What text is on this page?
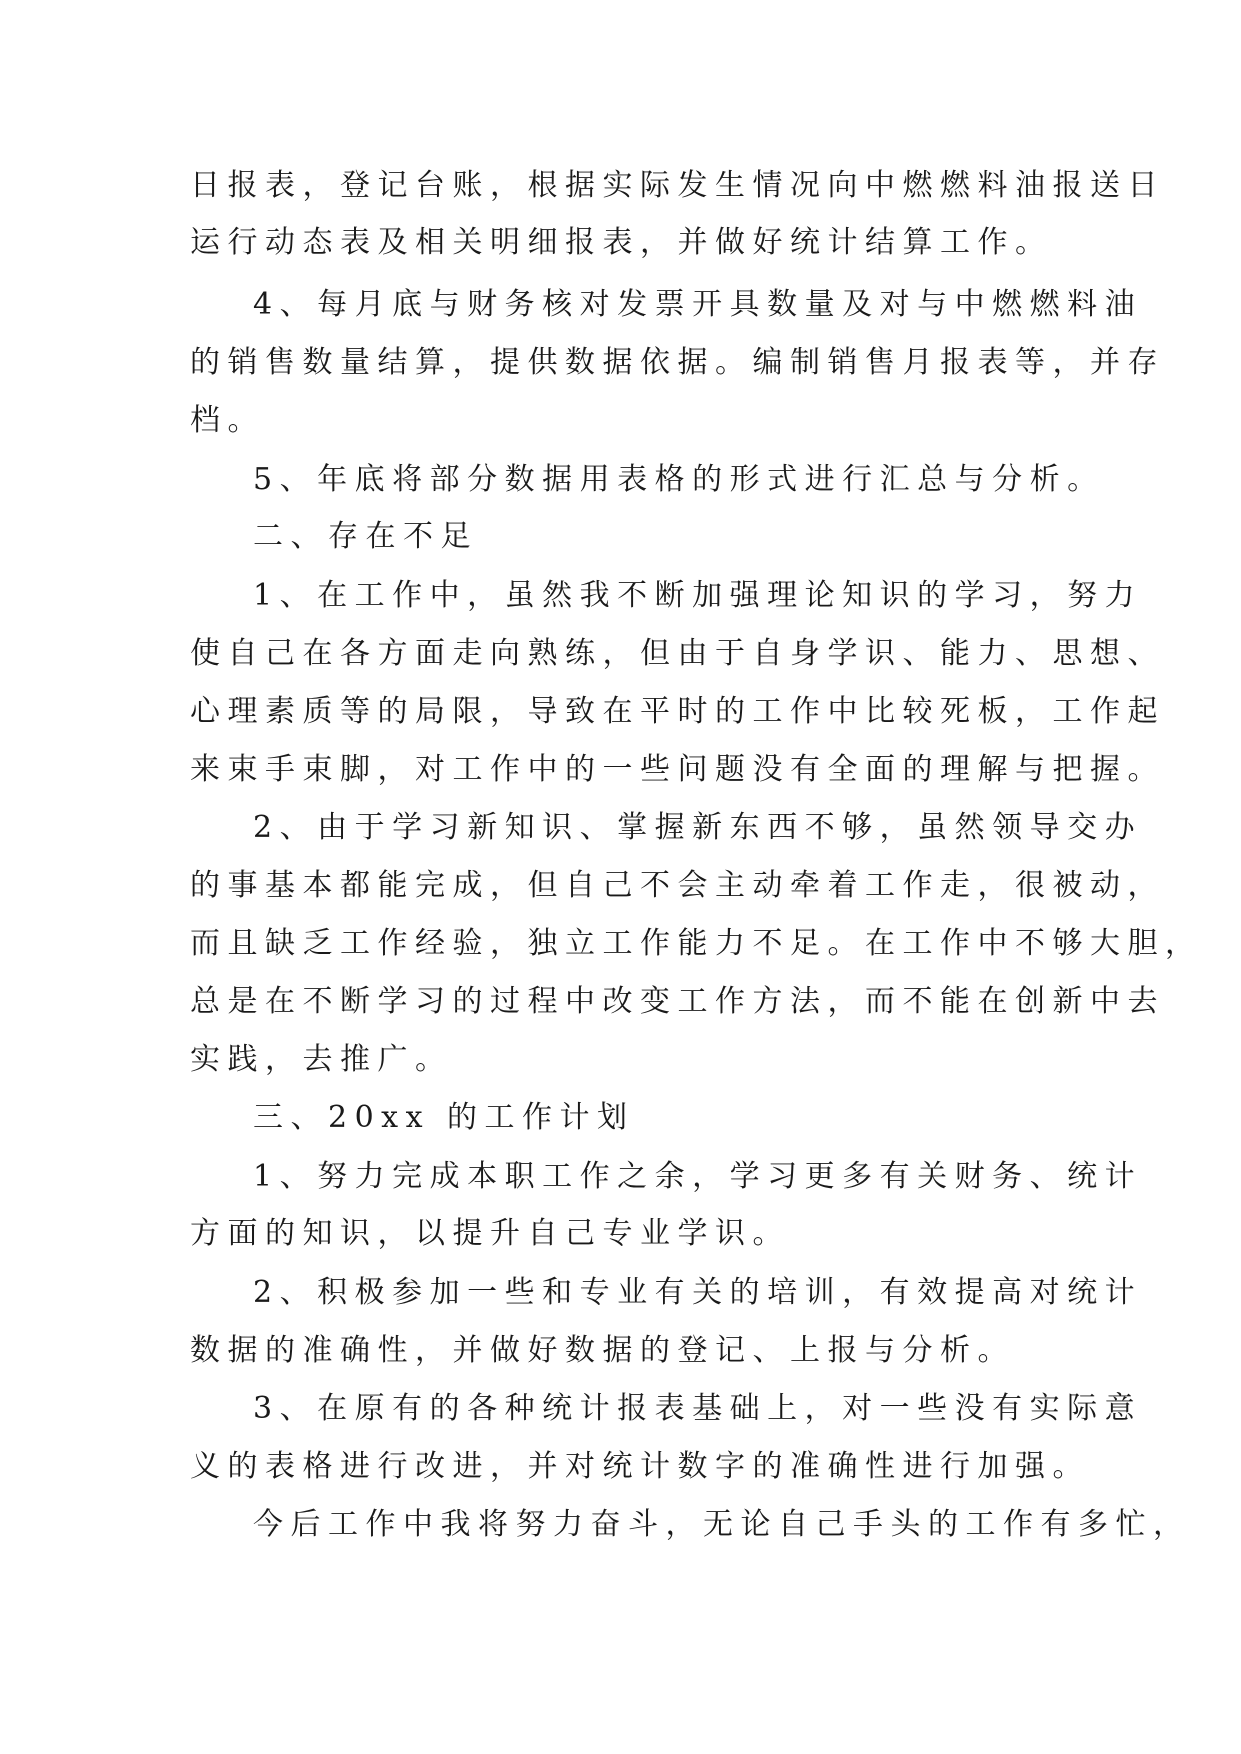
日报表，登记台账，根据实际发生情况向中燃燃料油报送日
运行动态表及相关明细报表，并做好统计结算工作。
4、每月底与财务核对发票开具数量及对与中燃燃料油
的销售数量结算，提供数据依据。编制销售月报表等，并存
档。
5、年底将部分数据用表格的形式进行汇总与分析。
二、存在不足
1、在工作中，虽然我不断加强理论知识的学习，努力
使自己在各方面走向熟练，但由于自身学识、能力、思想、
心理素质等的局限，导致在平时的工作中比较死板，工作起
来束手束脚，对工作中的一些问题没有全面的理解与把握。
2、由于学习新知识、掌握新东西不够，虽然领导交办
的事基本都能完成，但自己不会主动牵着工作走，很被动，
而且缺乏工作经验，独立工作能力不足。在工作中不够大胆，
总是在不断学习的过程中改变工作方法，而不能在创新中去
实践，去推广。
三、20xx 的工作计划
1、努力完成本职工作之余，学习更多有关财务、统计
方面的知识，以提升自己专业学识。
2、积极参加一些和专业有关的培训，有效提高对统计
数据的准确性，并做好数据的登记、上报与分析。
3、在原有的各种统计报表基础上，对一些没有实际意
义的表格进行改进，并对统计数字的准确性进行加强。
今后工作中我将努力奋斗，无论自己手头的工作有多忙，
